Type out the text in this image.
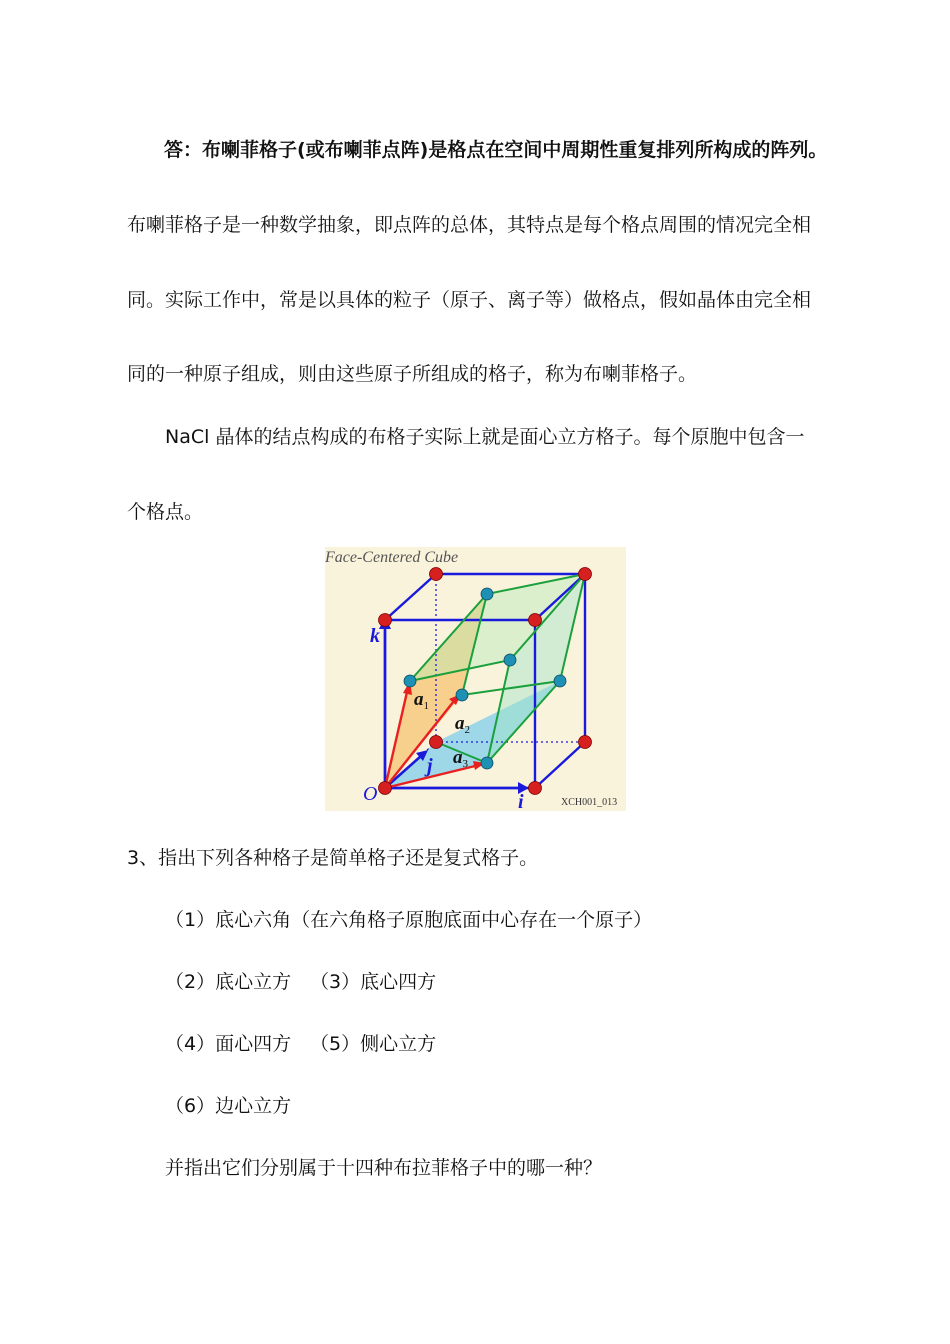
答：布喇菲格子(或布喇菲点阵)是格点在空间中周期性重复排列所构成的阵列。
布喇菲格子是一种数学抽象，即点阵的总体，其特点是每个格点周围的情况完全相
同。实际工作中，常是以具体的粒子（原子、离子等）做格点，假如晶体由完全相
同的一种原子组成，则由这些原子所组成的格子，称为布喇菲格子。
NaCl 晶体的结点构成的布格子实际上就是面心立方格子。每个原胞中包含一
个格点。
Face-Centered Cube
k
j
i
O
$a_1$
$a_2$
$a_3$
XCH001_013
3、指出下列各种格子是简单格子还是复式格子。
（1）底心六角（在六角格子原胞底面中心存在一个原子）
（2）底心立方 （3）底心四方
（4）面心四方 （5）侧心立方
（6）边心立方
并指出它们分别属于十四种布拉菲格子中的哪一种？
